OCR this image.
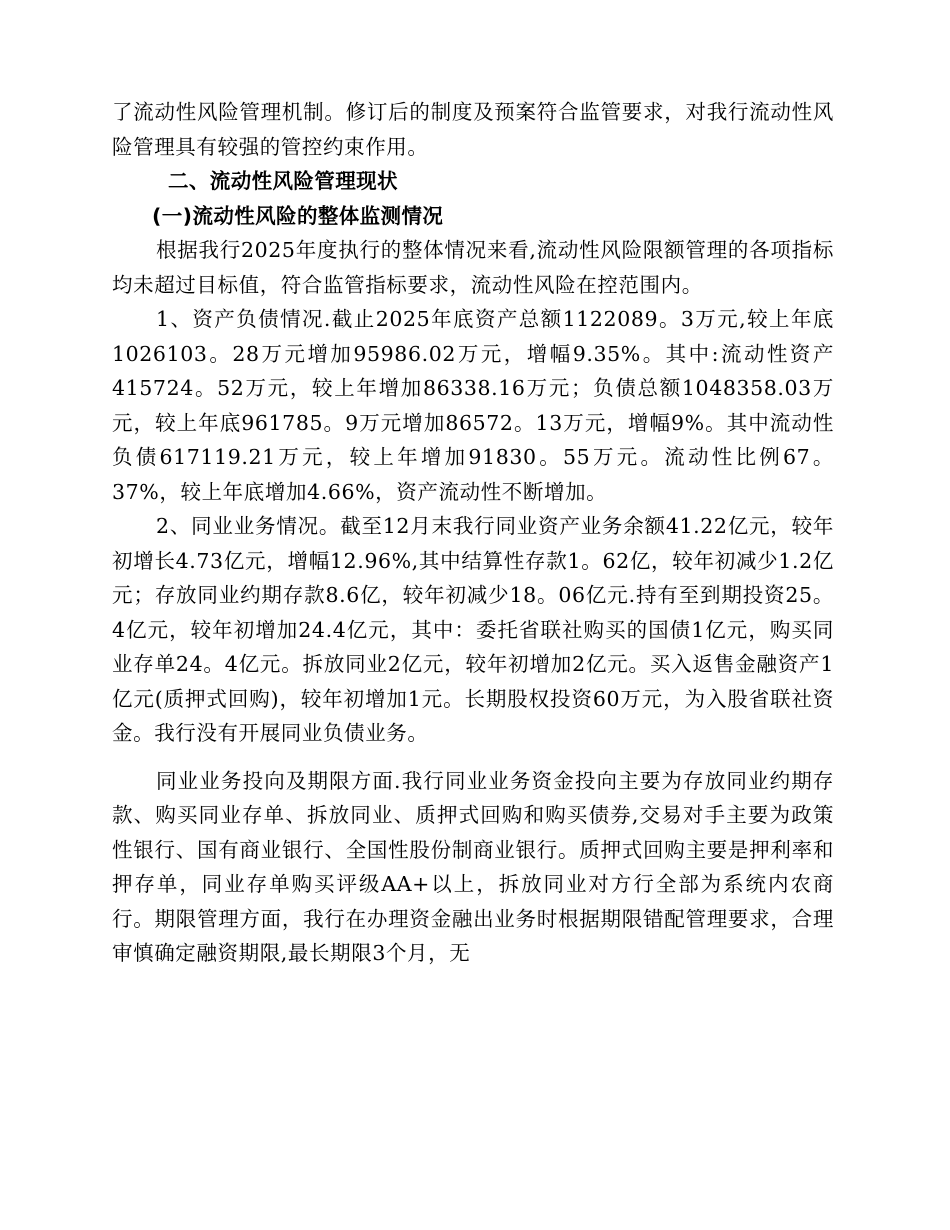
了流动性风险管理机制。修订后的制度及预案符合监管要求，对我行流动性风险管理具有较强的管控约束作用。

二、流动性风险管理现状

(一)流动性风险的整体监测情况

根据我行2025年度执行的整体情况来看,流动性风险限额管理的各项指标均未超过目标值，符合监管指标要求，流动性风险在控范围内。

1、资产负债情况.截止2025年底资产总额1122089。3万元,较上年底1026103。28万元增加95986.02万元，增幅9.35%。其中:流动性资产415724。52万元，较上年增加86338.16万元；负债总额1048358.03万元，较上年底961785。9万元增加86572。13万元，增幅9%。其中流动性负债617119.21万元，较上年增加91830。55万元。流动性比例67。37%，较上年底增加4.66%，资产流动性不断增加。

2、同业业务情况。截至12月末我行同业资产业务余额41.22亿元，较年初增长4.73亿元，增幅12.96%,其中结算性存款1。62亿，较年初减少1.2亿元；存放同业约期存款8.6亿，较年初减少18。06亿元.持有至到期投资25。4亿元，较年初增加24.4亿元，其中：委托省联社购买的国债1亿元，购买同业存单24。4亿元。拆放同业2亿元，较年初增加2亿元。买入返售金融资产1亿元(质押式回购)，较年初增加1元。长期股权投资60万元，为入股省联社资金。我行没有开展同业负债业务。

同业业务投向及期限方面.我行同业业务资金投向主要为存放同业约期存款、购买同业存单、拆放同业、质押式回购和购买债券,交易对手主要为政策性银行、国有商业银行、全国性股份制商业银行。质押式回购主要是押利率和押存单，同业存单购买评级AA+以上，拆放同业对方行全部为系统内农商行。期限管理方面，我行在办理资金融出业务时根据期限错配管理要求，合理审慎确定融资期限,最长期限3个月，无
